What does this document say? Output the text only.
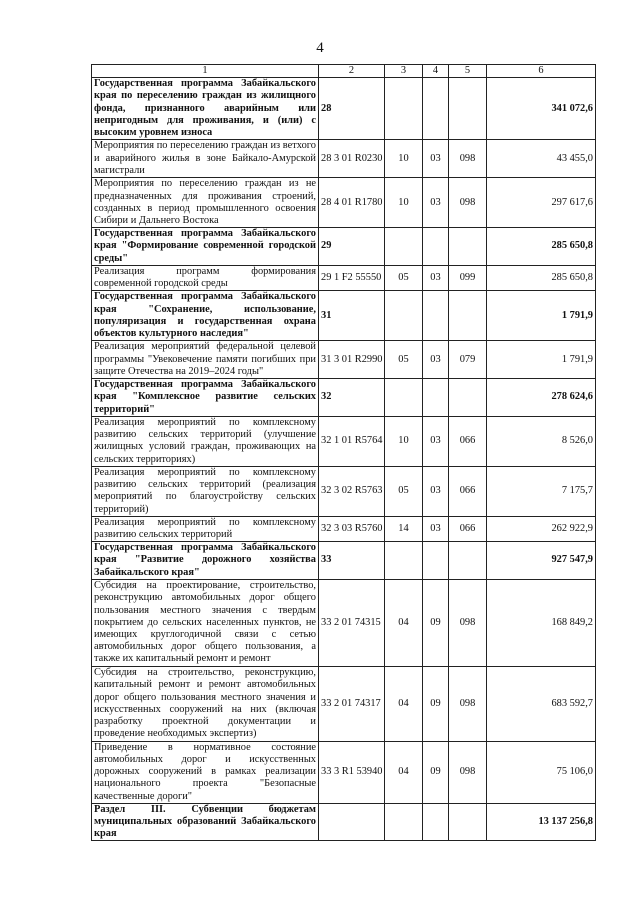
4
1	2	3	4	5	6
Государственная программа Забайкальского края по переселению граждан из жилищного фонда, признанного аварийным или непригодным для проживания, и (или) с высоким уровнем износа	28				341 072,6
Мероприятия по переселению граждан из ветхого и аварийного жилья в зоне Байкало-Амурской магистрали	28 3 01 R0230	10	03	098	43 455,0
Мероприятия по переселению граждан из не предназначенных для проживания строений, созданных в период промышленного освоения Сибири и Дальнего Востока	28 4 01 R1780	10	03	098	297 617,6
Государственная программа Забайкальского края "Формирование современной городской среды"	29				285 650,8
Реализация программ формирования современной городской среды	29 1 F2 55550	05	03	099	285 650,8
Государственная программа Забайкальского края "Сохранение, использование, популяризация и государственная охрана объектов культурного наследия"	31				1 791,9
Реализация мероприятий федеральной целевой программы "Увековечение памяти погибших при защите Отечества на 2019–2024 годы"	31 3 01 R2990	05	03	079	1 791,9
Государственная программа Забайкальского края "Комплексное развитие сельских территорий"	32				278 624,6
Реализация мероприятий по комплексному развитию сельских территорий (улучшение жилищных условий граждан, проживающих на сельских территориях)	32 1 01 R5764	10	03	066	8 526,0
Реализация мероприятий по комплексному развитию сельских территорий (реализация мероприятий по благоустройству сельских территорий)	32 3 02 R5763	05	03	066	7 175,7
Реализация мероприятий по комплексному развитию сельских территорий	32 3 03 R5760	14	03	066	262 922,9
Государственная программа Забайкальского края "Развитие дорожного хозяйства Забайкальского края"	33				927 547,9
Субсидия на проектирование, строительство, реконструкцию автомобильных дорог общего пользования местного значения с твердым покрытием до сельских населенных пунктов, не имеющих круглогодичной связи с сетью автомобильных дорог общего пользования, а также их капитальный ремонт и ремонт	33 2 01 74315	04	09	098	168 849,2
Субсидия на строительство, реконструкцию, капитальный ремонт и ремонт автомобильных дорог общего пользования местного значения и искусственных сооружений на них (включая разработку проектной документации и проведение необходимых экспертиз)	33 2 01 74317	04	09	098	683 592,7
Приведение в нормативное состояние автомобильных дорог и искусственных дорожных сооружений в рамках реализации национального проекта "Безопасные качественные дороги"	33 3 R1 53940	04	09	098	75 106,0
Раздел III. Субвенции бюджетам муниципальных образований Забайкальского края					13 137 256,8
